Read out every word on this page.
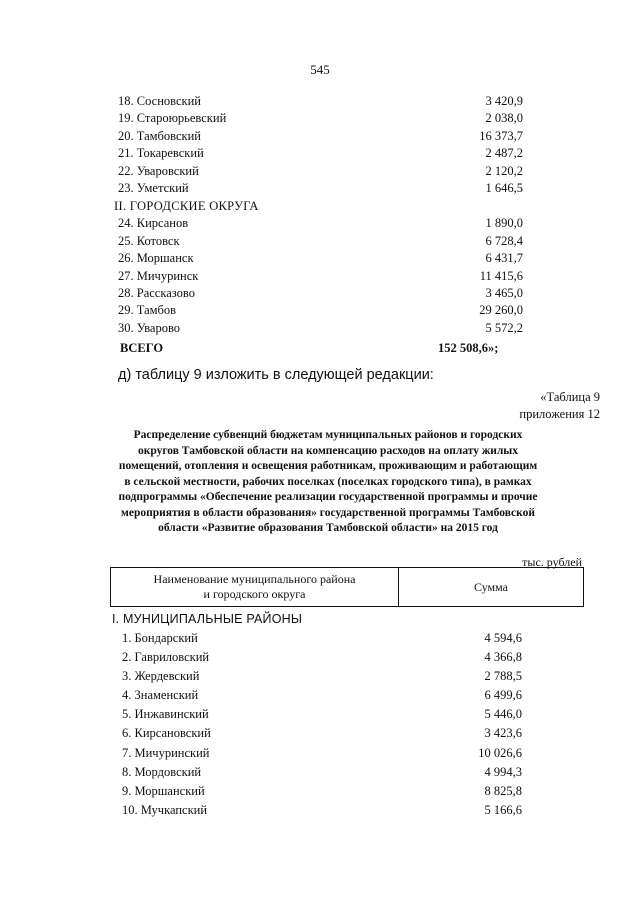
545
18. Сосновский	3 420,9
19. Староюрьевский	2 038,0
20. Тамбовский	16 373,7
21. Токаревский	2 487,2
22. Уваровский	2 120,2
23. Уметский	1 646,5
II. ГОРОДСКИЕ ОКРУГА
24. Кирсанов	1 890,0
25. Котовск	6 728,4
26. Моршанск	6 431,7
27. Мичуринск	11 415,6
28. Рассказово	3 465,0
29. Тамбов	29 260,0
30. Уварово	5 572,2
ВСЕГО	152 508,6»;
д) таблицу 9 изложить в следующей редакции:
«Таблица 9
приложения 12
Распределение субвенций бюджетам муниципальных районов и городских округов Тамбовской области на компенсацию расходов на оплату жилых помещений, отопления и освещения работникам, проживающим и работающим в сельской местности, рабочих поселках (поселках городского типа), в рамках подпрограммы «Обеспечение реализации государственной программы и прочие мероприятия в области образования» государственной программы Тамбовской области «Развитие образования Тамбовской области» на 2015 год
тыс. рублей
Наименование муниципального района
и городского округа	Сумма
I. МУНИЦИПАЛЬНЫЕ РАЙОНЫ
1. Бондарский	4 594,6
2. Гавриловский	4 366,8
3. Жердевский	2 788,5
4. Знаменский	6 499,6
5. Инжавинский	5 446,0
6. Кирсановский	3 423,6
7. Мичуринский	10 026,6
8. Мордовский	4 994,3
9. Моршанский	8 825,8
10. Мучкапский	5 166,6
